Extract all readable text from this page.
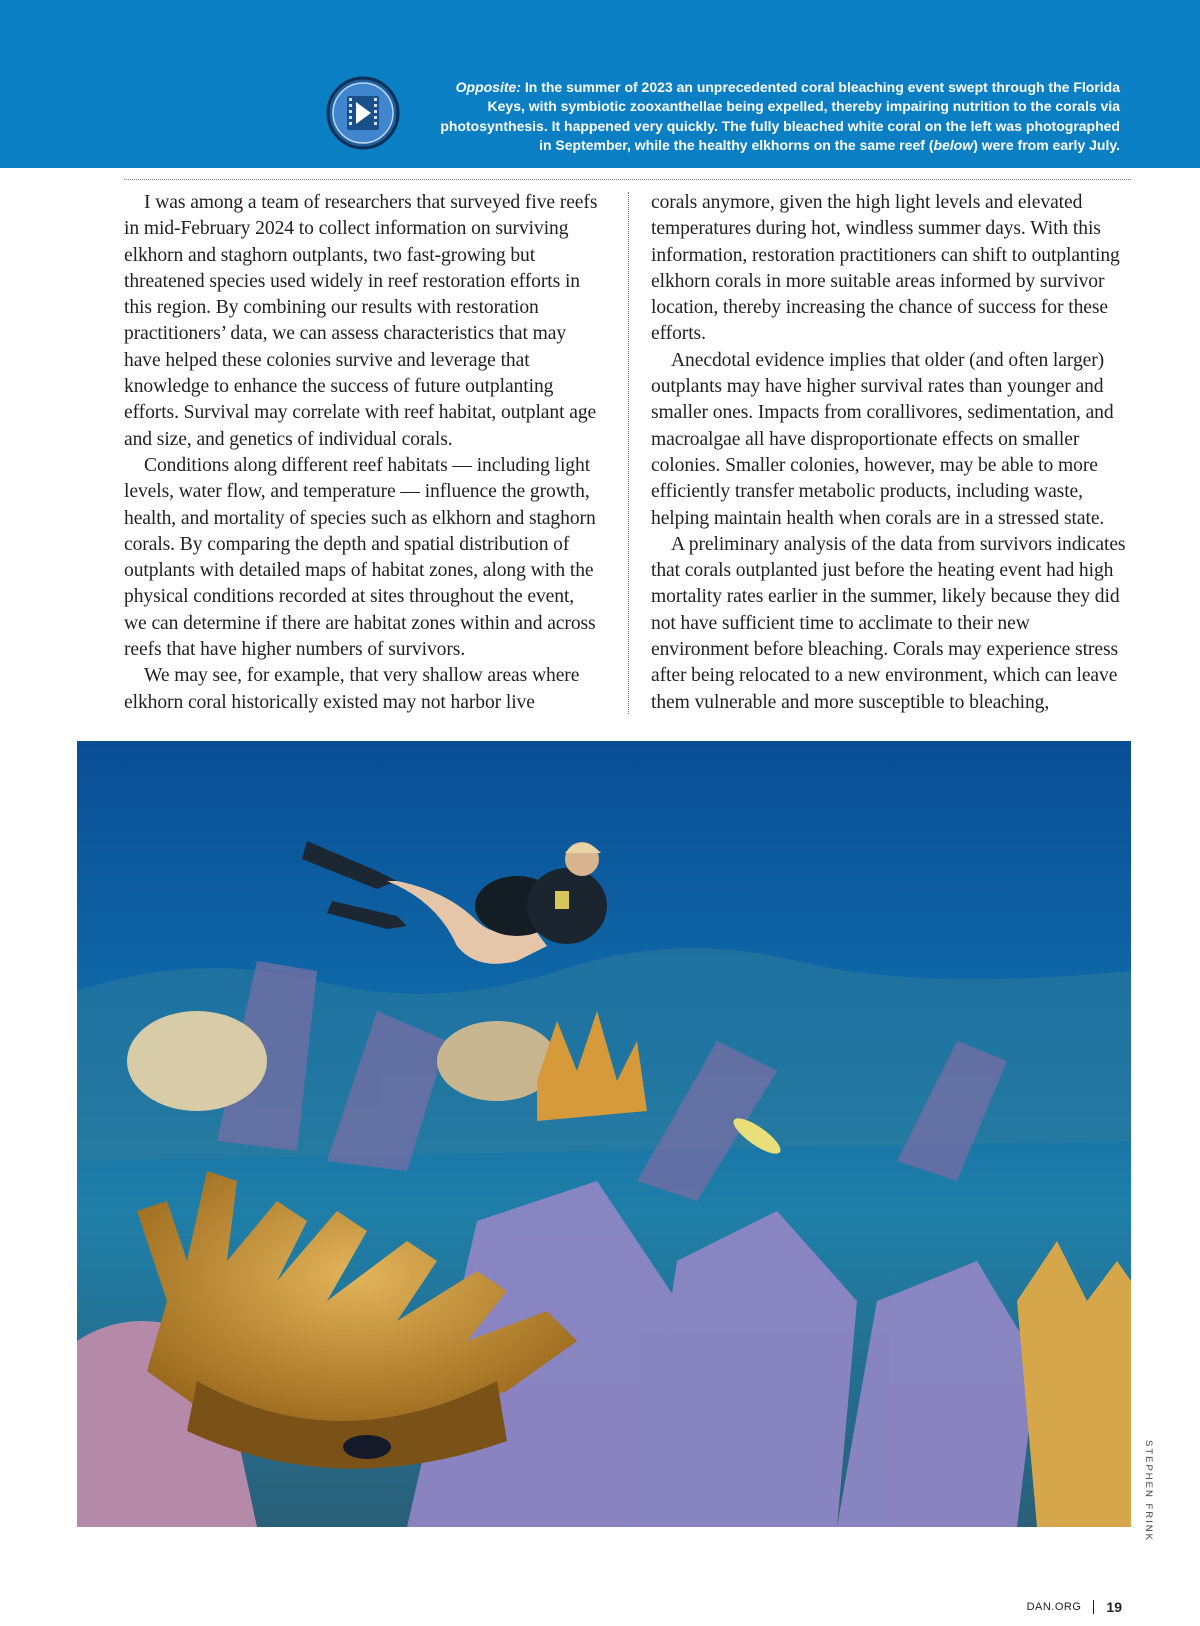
Opposite: In the summer of 2023 an unprecedented coral bleaching event swept through the Florida
Keys, with symbiotic zooxanthellae being expelled, thereby impairing nutrition to the corals via
photosynthesis. It happened very quickly. The fully bleached white coral on the left was photographed
in September, while the healthy elkhorns on the same reef (below) were from early July.

I was among a team of researchers that surveyed five reefs in mid-February 2024 to collect information on surviving elkhorn and staghorn outplants, two fast-growing but threatened species used widely in reef restoration efforts in this region. By combining our results with restoration practitioners’ data, we can assess characteristics that may have helped these colonies survive and leverage that knowledge to enhance the success of future outplanting efforts. Survival may correlate with reef habitat, outplant age and size, and genetics of individual corals.

Conditions along different reef habitats — including light levels, water flow, and temperature — influence the growth, health, and mortality of species such as elkhorn and staghorn corals. By comparing the depth and spatial distribution of outplants with detailed maps of habitat zones, along with the physical conditions recorded at sites throughout the event, we can determine if there are habitat zones within and across reefs that have higher numbers of survivors.

We may see, for example, that very shallow areas where elkhorn coral historically existed may not harbor live

corals anymore, given the high light levels and elevated temperatures during hot, windless summer days. With this information, restoration practitioners can shift to outplanting elkhorn corals in more suitable areas informed by survivor location, thereby increasing the chance of success for these efforts.

Anecdotal evidence implies that older (and often larger) outplants may have higher survival rates than younger and smaller ones. Impacts from corallivores, sedimentation, and macroalgae all have disproportionate effects on smaller colonies. Smaller colonies, however, may be able to more efficiently transfer metabolic products, including waste, helping maintain health when corals are in a stressed state.

A preliminary analysis of the data from survivors indicates that corals outplanted just before the heating event had high mortality rates earlier in the summer, likely because they did not have sufficient time to acclimate to their new environment before bleaching. Corals may experience stress after being relocated to a new environment, which can leave them vulnerable and more susceptible to bleaching,

STEPHEN FRINK
DAN.ORG 19
